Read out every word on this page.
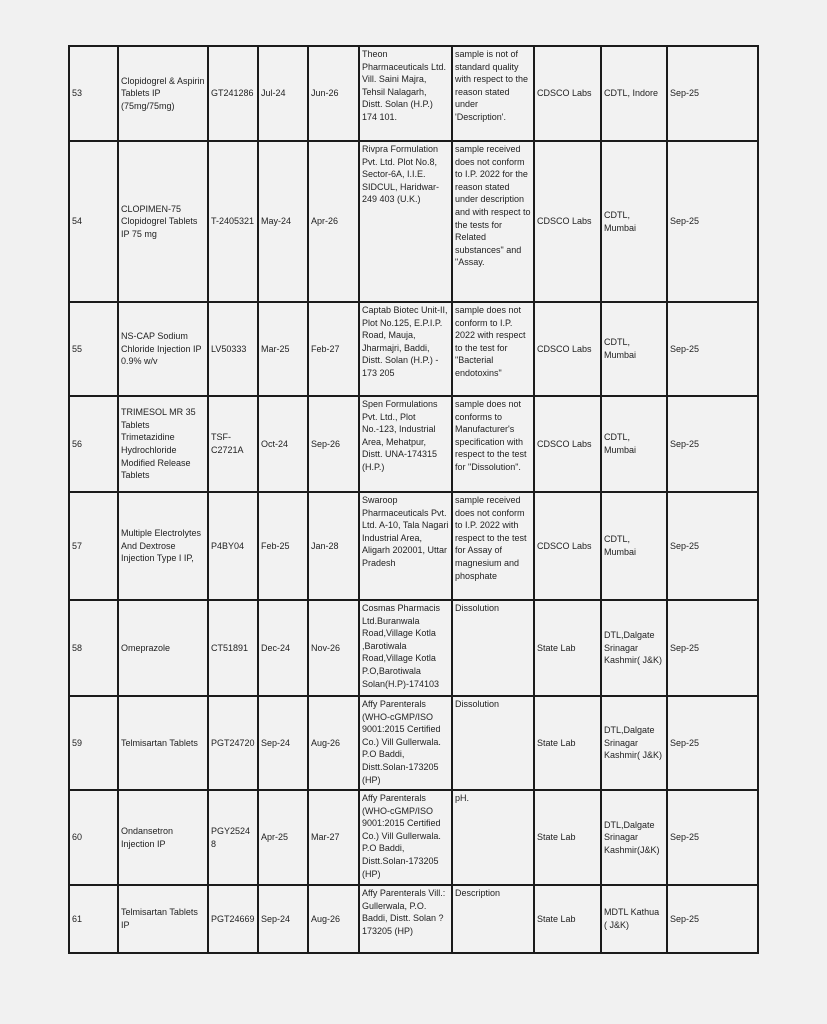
53	Clopidogrel & Aspirin Tablets IP (75mg/75mg)	GT241286	Jul-24	Jun-26	Theon Pharmaceuticals Ltd. Vill. Saini Majra, Tehsil Nalagarh, Distt. Solan (H.P.) 174 101.	sample is not of standard quality with respect to the reason stated under 'Description'.	CDSCO Labs	CDTL, Indore	Sep-25

54	CLOPIMEN-75 Clopidogrel Tablets IP 75 mg	T-2405321	May-24	Apr-26	Rivpra Formulation Pvt. Ltd. Plot No.8, Sector-6A, I.I.E. SIDCUL, Haridwar-249 403 (U.K.)	sample received does not conform to I.P. 2022 for the reason stated under description and with respect to the tests for Related substances" and "Assay.	CDSCO Labs	CDTL, Mumbai	Sep-25

55	NS-CAP Sodium Chloride Injection IP 0.9% w/v	LV50333	Mar-25	Feb-27	Captab Biotec Unit-II, Plot No.125, E.P.I.P. Road, Mauja, Jharmajri, Baddi, Distt. Solan (H.P.) - 173 205	sample does not conform to I.P. 2022 with respect to the test for "Bacterial endotoxins"	CDSCO Labs	CDTL, Mumbai	Sep-25

56	TRIMESOL MR 35 Tablets Trimetazidine Hydrochloride Modified Release Tablets	TSF-C2721A	Oct-24	Sep-26	Spen Formulations Pvt. Ltd., Plot No.-123, Industrial Area, Mehatpur, Distt. UNA-174315 (H.P.)	sample does not conforms to Manufacturer's specification with respect to the test for "Dissolution".	CDSCO Labs	CDTL, Mumbai	Sep-25

57	Multiple Electrolytes And Dextrose Injection Type I IP,	P4BY04	Feb-25	Jan-28	Swaroop Pharmaceuticals Pvt. Ltd. A-10, Tala Nagari Industrial Area, Aligarh 202001, Uttar Pradesh	sample received does not conform to I.P. 2022 with respect to the test for Assay of magnesium and phosphate	CDSCO Labs	CDTL, Mumbai	Sep-25

58	Omeprazole	CT51891	Dec-24	Nov-26	Cosmas Pharmacis Ltd.Buranwala Road,Village Kotla ,Barotiwala Road,Village Kotla P.O,Barotiwala Solan(H.P)-174103	Dissolution	State Lab	DTL,Dalgate Srinagar Kashmir( J&K)	Sep-25

59	Telmisartan Tablets	PGT24720	Sep-24	Aug-26	Affy Parenterals (WHO-cGMP/ISO 9001:2015 Certified Co.) Vill Gullerwala. P.O Baddi, Distt.Solan-173205 (HP)	Dissolution	State Lab	DTL,Dalgate Srinagar Kashmir( J&K)	Sep-25

60	Ondansetron Injection IP	PGY25248	Apr-25	Mar-27	Affy Parenterals (WHO-cGMP/ISO 9001:2015 Certified Co.) Vill Gullerwala. P.O Baddi, Distt.Solan-173205 (HP)	pH.	State Lab	DTL,Dalgate Srinagar Kashmir(J&K)	Sep-25

61	Telmisartan Tablets IP	PGT24669	Sep-24	Aug-26	Affy Parenterals Vill.: Gullerwala, P.O. Baddi, Distt. Solan ? 173205 (HP)	Description	State Lab	MDTL Kathua ( J&K)	Sep-25
